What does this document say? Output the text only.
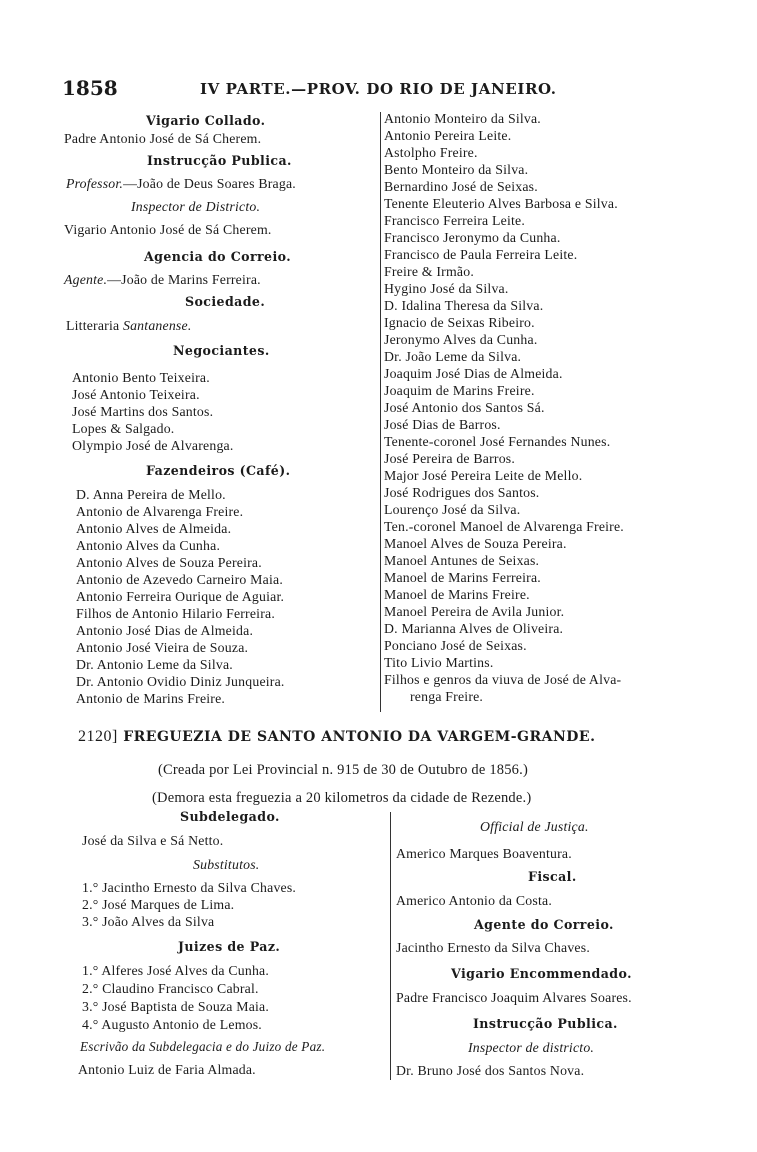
1858	IV PARTE.—PROV. DO RIO DE JANEIRO.
Vigario Collado.
Padre Antonio José de Sá Cherem.
Instrucção Publica.
Professor.—João de Deus Soares Braga.
Inspector de Districto.
Vigario Antonio José de Sá Cherem.
Agencia do Correio.
Agente.—João de Marins Ferreira.
Sociedade.
Litteraria Santanense.
Negociantes.
Antonio Bento Teixeira.
José Antonio Teixeira.
José Martins dos Santos.
Lopes & Salgado.
Olympio José de Alvarenga.
Fazendeiros (Café).
D. Anna Pereira de Mello.
Antonio de Alvarenga Freire.
Antonio Alves de Almeida.
Antonio Alves da Cunha.
Antonio Alves de Souza Pereira.
Antonio de Azevedo Carneiro Maia.
Antonio Ferreira Ourique de Aguiar.
Filhos de Antonio Hilario Ferreira.
Antonio José Dias de Almeida.
Antonio José Vieira de Souza.
Dr. Antonio Leme da Silva.
Dr. Antonio Ovidio Diniz Junqueira.
Antonio de Marins Freire.
Antonio Monteiro da Silva.
Antonio Pereira Leite.
Astolpho Freire.
Bento Monteiro da Silva.
Bernardino José de Seixas.
Tenente Eleuterio Alves Barbosa e Silva.
Francisco Ferreira Leite.
Francisco Jeronymo da Cunha.
Francisco de Paula Ferreira Leite.
Freire & Irmão.
Hygino José da Silva.
D. Idalina Theresa da Silva.
Ignacio de Seixas Ribeiro.
Jeronymo Alves da Cunha.
Dr. João Leme da Silva.
Joaquim José Dias de Almeida.
Joaquim de Marins Freire.
José Antonio dos Santos Sá.
José Dias de Barros.
Tenente-coronel José Fernandes Nunes.
José Pereira de Barros.
Major José Pereira Leite de Mello.
José Rodrigues dos Santos.
Lourenço José da Silva.
Ten.-coronel Manoel de Alvarenga Freire.
Manoel Alves de Souza Pereira.
Manoel Antunes de Seixas.
Manoel de Marins Ferreira.
Manoel de Marins Freire.
Manoel Pereira de Avila Junior.
D. Marianna Alves de Oliveira.
Ponciano José de Seixas.
Tito Livio Martins.
Filhos e genros da viuva de José de Alva-
renga Freire.
2120] FREGUEZIA DE SANTO ANTONIO DA VARGEM-GRANDE.
(Creada por Lei Provincial n. 915 de 30 de Outubro de 1856.)
(Demora esta freguezia a 20 kilometros da cidade de Rezende.)
Subdelegado.
José da Silva e Sá Netto.
Substitutos.
1.° Jacintho Ernesto da Silva Chaves.
2.° José Marques de Lima.
3.° João Alves da Silva
Juizes de Paz.
1.° Alferes José Alves da Cunha.
2.° Claudino Francisco Cabral.
3.° José Baptista de Souza Maia.
4.° Augusto Antonio de Lemos.
Escrivão da Subdelegacia e do Juizo de Paz.
Antonio Luiz de Faria Almada.
Official de Justiça.
Americo Marques Boaventura.
Fiscal.
Americo Antonio da Costa.
Agente do Correio.
Jacintho Ernesto da Silva Chaves.
Vigario Encommendado.
Padre Francisco Joaquim Alvares Soares.
Instrucção Publica.
Inspector de districto.
Dr. Bruno José dos Santos Nova.
